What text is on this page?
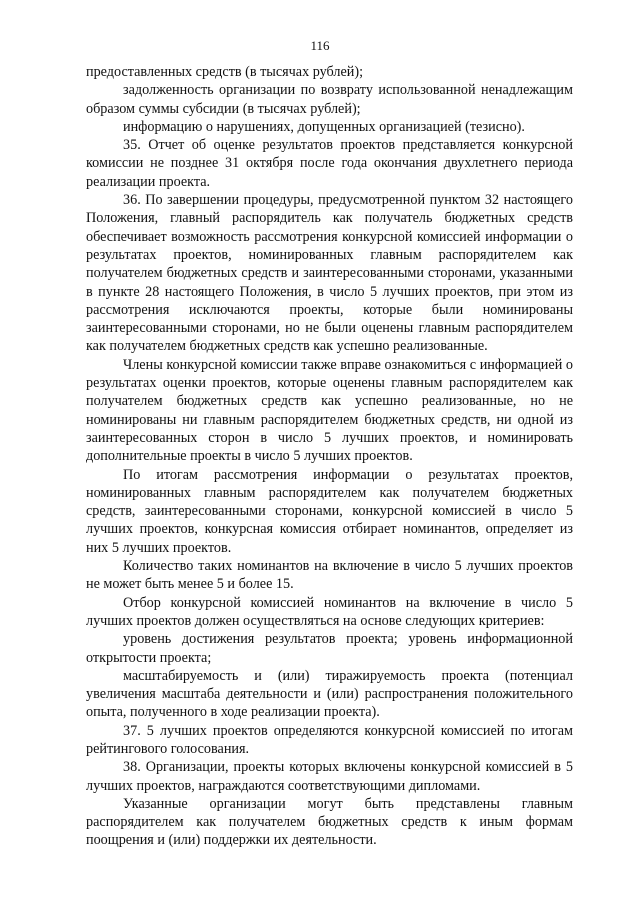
116

предоставленных средств (в тысячах рублей);

задолженность организации по возврату использованной ненадлежащим образом суммы субсидии (в тысячах рублей);

информацию о нарушениях, допущенных организацией (тезисно).

35. Отчет об оценке результатов проектов представляется конкурсной комиссии не позднее 31 октября после года окончания двухлетнего периода реализации проекта.

36. По завершении процедуры, предусмотренной пунктом 32 настоящего Положения, главный распорядитель как получатель бюджетных средств обеспечивает возможность рассмотрения конкурсной комиссией информации о результатах проектов, номинированных главным распорядителем как получателем бюджетных средств и заинтересованными сторонами, указанными в пункте 28 настоящего Положения, в число 5 лучших проектов, при этом из рассмотрения исключаются проекты, которые были номинированы заинтересованными сторонами, но не были оценены главным распорядителем как получателем бюджетных средств как успешно реализованные.

Члены конкурсной комиссии также вправе ознакомиться с информацией о результатах оценки проектов, которые оценены главным распорядителем как получателем бюджетных средств как успешно реализованные, но не номинированы ни главным распорядителем бюджетных средств, ни одной из заинтересованных сторон в число 5 лучших проектов, и номинировать дополнительные проекты в число 5 лучших проектов.

По итогам рассмотрения информации о результатах проектов, номинированных главным распорядителем как получателем бюджетных средств, заинтересованными сторонами, конкурсной комиссией в число 5 лучших проектов, конкурсная комиссия отбирает номинантов, определяет из них 5 лучших проектов.

Количество таких номинантов на включение в число 5 лучших проектов не может быть менее 5 и более 15.

Отбор конкурсной комиссией номинантов на включение в число 5 лучших проектов должен осуществляться на основе следующих критериев:

уровень достижения результатов проекта; уровень информационной открытости проекта;

масштабируемость и (или) тиражируемость проекта (потенциал увеличения масштаба деятельности и (или) распространения положительного опыта, полученного в ходе реализации проекта).

37. 5 лучших проектов определяются конкурсной комиссией по итогам рейтингового голосования.

38. Организации, проекты которых включены конкурсной комиссией в 5 лучших проектов, награждаются соответствующими дипломами.

Указанные организации могут быть представлены главным распорядителем как получателем бюджетных средств к иным формам поощрения и (или) поддержки их деятельности.
